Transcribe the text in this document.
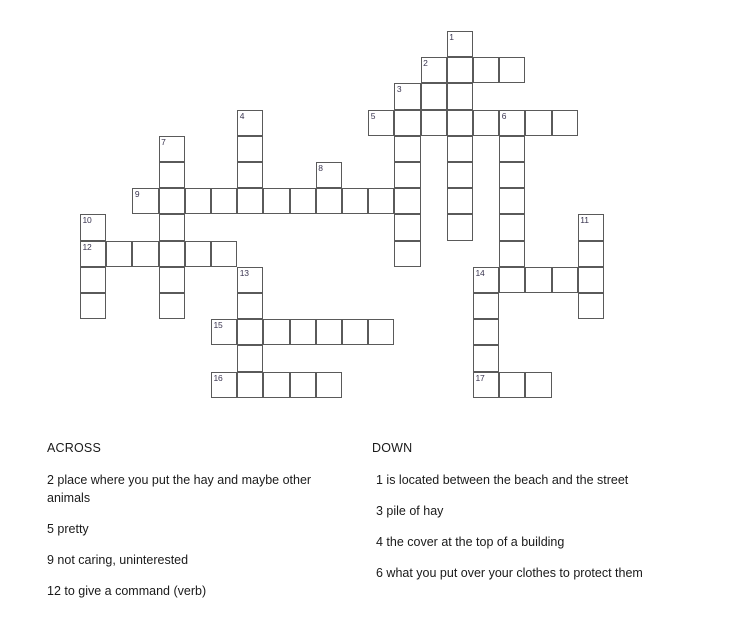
1
2
3
4	5	6
7
8
9
10	11
12
13	14
15
16	17
ACROSS
2 place where you put the hay and maybe other animals
5 pretty
9 not caring, uninterested
12 to give a command (verb)
DOWN
1 is located between the beach and the street
3 pile of hay
4 the cover at the top of a building
6 what you put over your clothes to protect them
